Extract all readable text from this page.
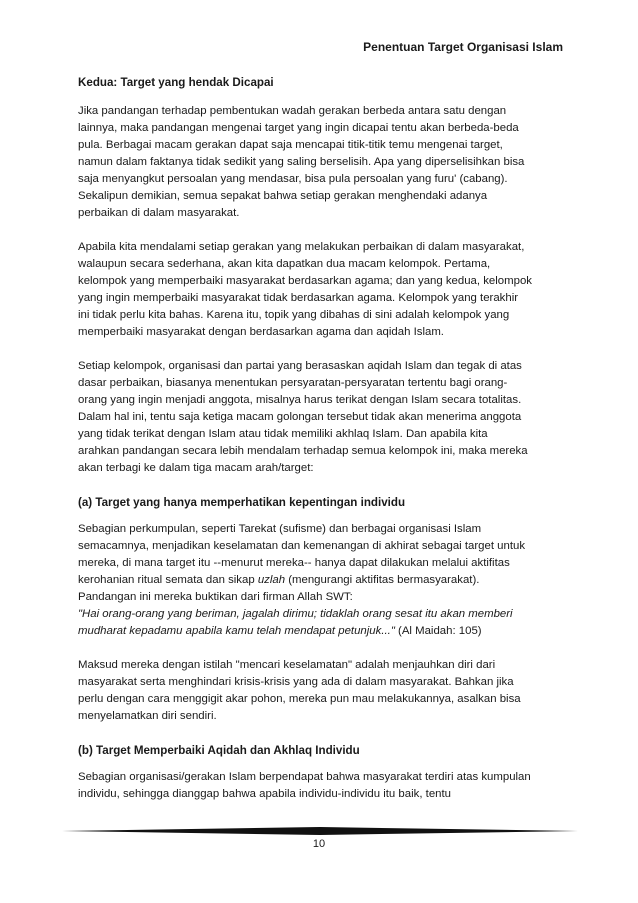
Penentuan Target Organisasi Islam
Kedua: Target yang hendak Dicapai

Jika pandangan terhadap pembentukan wadah gerakan berbeda antara satu dengan
lainnya, maka pandangan mengenai target yang ingin dicapai tentu akan berbeda-beda
pula. Berbagai macam gerakan dapat saja mencapai titik-titik temu mengenai target,
namun dalam faktanya tidak sedikit yang saling berselisih. Apa yang diperselisihkan bisa
saja menyangkut persoalan yang mendasar, bisa pula persoalan yang furu' (cabang).
Sekalipun demikian, semua sepakat bahwa setiap gerakan menghendaki adanya
perbaikan di dalam masyarakat.

Apabila kita mendalami setiap gerakan yang melakukan perbaikan di dalam masyarakat,
walaupun secara sederhana, akan kita dapatkan dua macam kelompok. Pertama,
kelompok yang memperbaiki masyarakat berdasarkan agama; dan yang kedua, kelompok
yang ingin memperbaiki masyarakat tidak berdasarkan agama. Kelompok yang terakhir
ini tidak perlu kita bahas. Karena itu, topik yang dibahas di sini adalah kelompok yang
memperbaiki masyarakat dengan berdasarkan agama dan aqidah Islam.

Setiap kelompok, organisasi dan partai yang berasaskan aqidah Islam dan tegak di atas
dasar perbaikan, biasanya menentukan persyaratan-persyaratan tertentu bagi orang-
orang yang ingin menjadi anggota, misalnya harus terikat dengan Islam secara totalitas.
Dalam hal ini, tentu saja ketiga macam golongan tersebut tidak akan menerima anggota
yang tidak terikat dengan Islam atau tidak memiliki akhlaq Islam. Dan apabila kita
arahkan pandangan secara lebih mendalam terhadap semua kelompok ini, maka mereka
akan terbagi ke dalam tiga macam arah/target:

(a) Target yang hanya memperhatikan kepentingan individu

Sebagian perkumpulan, seperti Tarekat (sufisme) dan berbagai organisasi Islam
semacamnya, menjadikan keselamatan dan kemenangan di akhirat sebagai target untuk
mereka, di mana target itu --menurut mereka-- hanya dapat dilakukan melalui aktifitas
kerohanian ritual semata dan sikap uzlah (mengurangi aktifitas bermasyarakat).
Pandangan ini mereka buktikan dari firman Allah SWT:
"Hai orang-orang yang beriman, jagalah dirimu; tidaklah orang sesat itu akan memberi
mudharat kepadamu apabila kamu telah mendapat petunjuk..." (Al Maidah: 105)

Maksud mereka dengan istilah "mencari keselamatan" adalah menjauhkan diri dari
masyarakat serta menghindari krisis-krisis yang ada di dalam masyarakat. Bahkan jika
perlu dengan cara menggigit akar pohon, mereka pun mau melakukannya, asalkan bisa
menyelamatkan diri sendiri.

(b) Target Memperbaiki Aqidah dan Akhlaq Individu

Sebagian organisasi/gerakan Islam berpendapat bahwa masyarakat terdiri atas kumpulan
individu, sehingga dianggap bahwa apabila individu-individu itu baik, tentu

10
